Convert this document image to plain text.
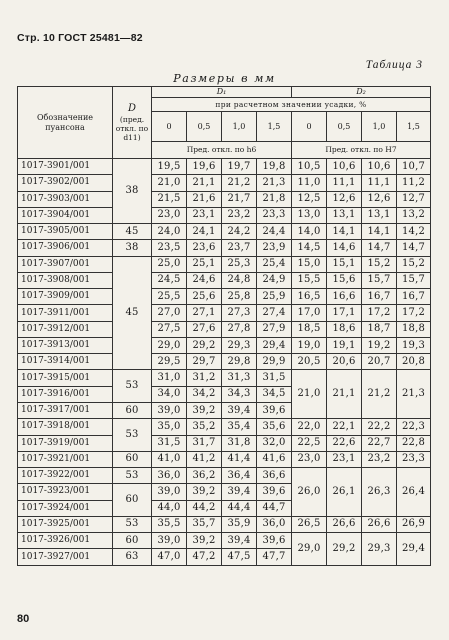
Стр. 10 ГОСТ 25481—82
Таблица 3
Размеры в мм
Обозначение пуансона	D
(пред. откл. по d11)	D₁				D₂			
		при расчетном значении усадки, %							
		0	0,5	1,0	1,5	0	0,5	1,0	1,5
		Пред. откл. по h6				Пред. откл. по H7			
1017-3901/001	38	19,5	19,6	19,7	19,8	10,5	10,6	10,6	10,7
1017-3902/001		21,0	21,1	21,2	21,3	11,0	11,1	11,1	11,2
1017-3903/001		21,5	21,6	21,7	21,8	12,5	12,6	12,6	12,7
1017-3904/001		23,0	23,1	23,2	23,3	13,0	13,1	13,1	13,2
1017-3905/001	45	24,0	24,1	24,2	24,4	14,0	14,1	14,1	14,2
1017-3906/001	38	23,5	23,6	23,7	23,9	14,5	14,6	14,7	14,7
1017-3907/001	45	25,0	25,1	25,3	25,4	15,0	15,1	15,2	15,2
1017-3908/001		24,5	24,6	24,8	24,9	15,5	15,6	15,7	15,7
1017-3909/001		25,5	25,6	25,8	25,9	16,5	16,6	16,7	16,7
1017-3911/001		27,0	27,1	27,3	27,4	17,0	17,1	17,2	17,2
1017-3912/001		27,5	27,6	27,8	27,9	18,5	18,6	18,7	18,8
1017-3913/001		29,0	29,2	29,3	29,4	19,0	19,1	19,2	19,3
1017-3914/001		29,5	29,7	29,8	29,9	20,5	20,6	20,7	20,8
1017-3915/001	53	31,0	31,2	31,3	31,5	21,0	21,1	21,2	21,3
1017-3916/001		34,0	34,2	34,3	34,5				
1017-3917/001	60	39,0	39,2	39,4	39,6				
1017-3918/001	53	35,0	35,2	35,4	35,6	22,0	22,1	22,2	22,3
1017-3919/001		31,5	31,7	31,8	32,0	22,5	22,6	22,7	22,8
1017-3921/001	60	41,0	41,2	41,4	41,6	23,0	23,1	23,2	23,3
1017-3922/001	53	36,0	36,2	36,4	36,6	26,0	26,1	26,3	26,4
1017-3923/001	60	39,0	39,2	39,4	39,6				
1017-3924/001		44,0	44,2	44,4	44,7				
1017-3925/001	53	35,5	35,7	35,9	36,0	26,5	26,6	26,6	26,9
1017-3926/001	60	39,0	39,2	39,4	39,6	29,0	29,2	29,3	29,4
1017-3927/001	63	47,0	47,2	47,5	47,7				
80
